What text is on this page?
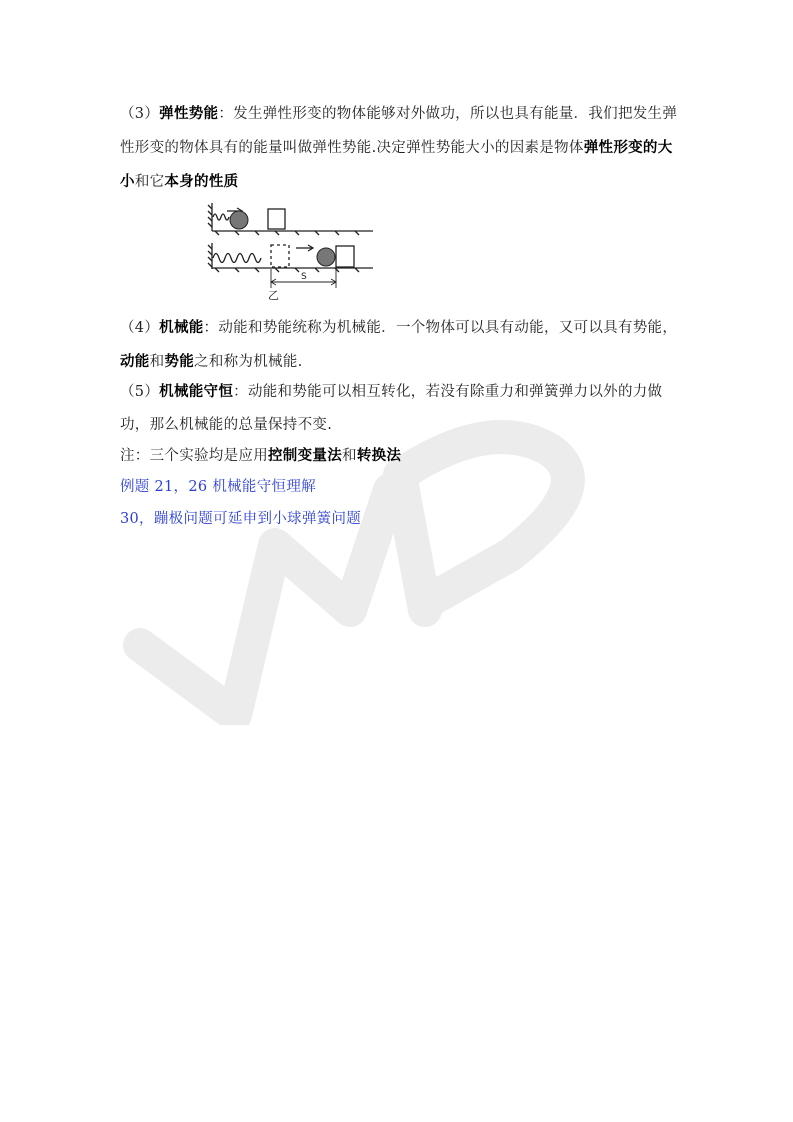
（3）弹性势能：发生弹性形变的物体能够对外做功，所以也具有能量．我们把发生弹性形变的物体具有的能量叫做弹性势能.决定弹性势能大小的因素是物体弹性形变的大小和它本身的性质

乙
S

（4）机械能：动能和势能统称为机械能．一个物体可以具有动能，又可以具有势能，动能和势能之和称为机械能.

（5）机械能守恒：动能和势能可以相互转化，若没有除重力和弹簧弹力以外的力做功，那么机械能的总量保持不变.

注：三个实验均是应用控制变量法和转换法

例题 21，26 机械能守恒理解

30，蹦极问题可延申到小球弹簧问题
